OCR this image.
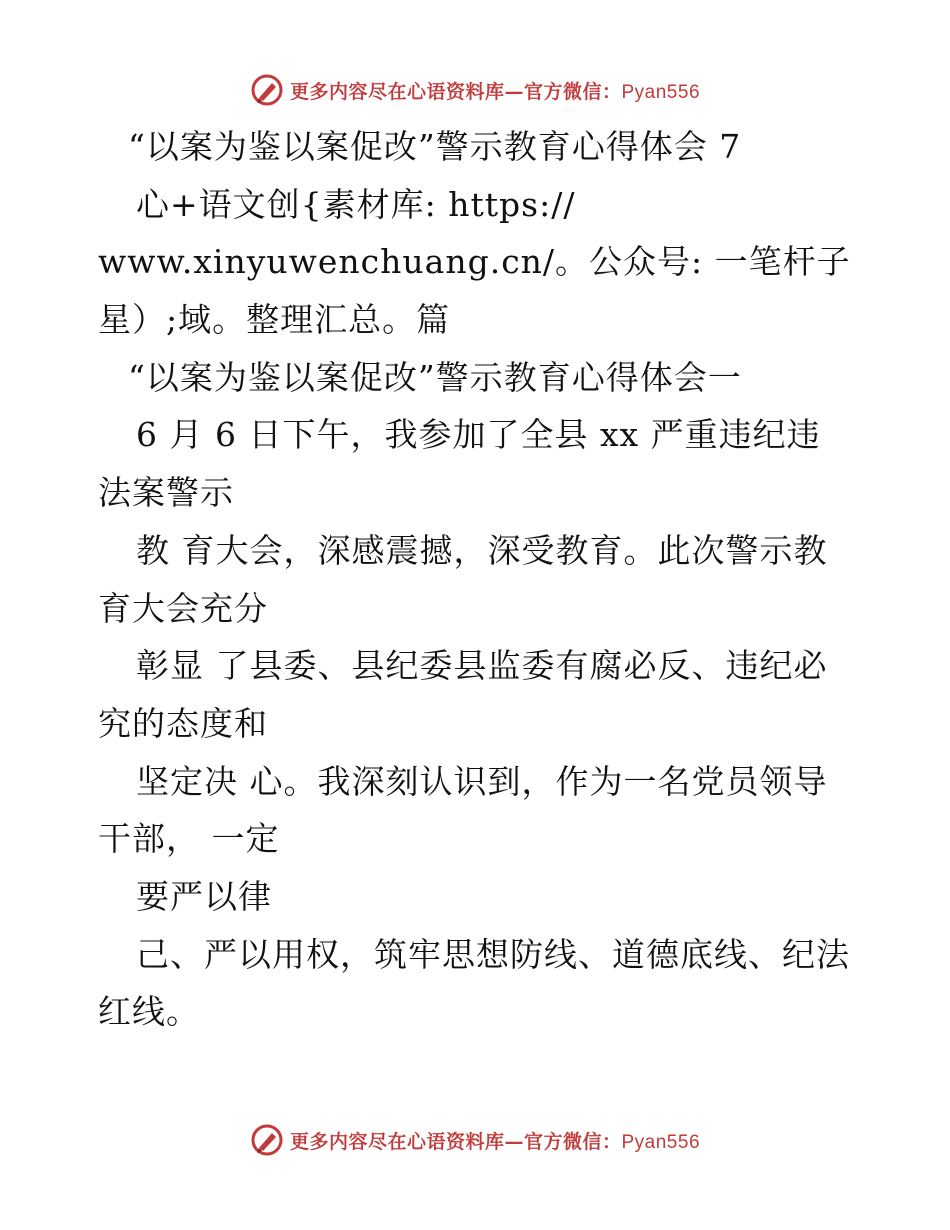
更多内容尽在心语资料库—官方微信：Pyan556
“以案为鉴以案促改”警示教育心得体会 7
心+语文创{素材库: https://
www.xinyuwenchuang.cn/。公众号: 一笔杆子
星）;域。整理汇总。篇
“以案为鉴以案促改”警示教育心得体会一
6 月 6 日下午，我参加了全县 xx 严重违纪违
法案警示
教 育大会，深感震撼，深受教育。此次警示教
育大会充分
彰显 了县委、县纪委县监委有腐必反、违纪必
究的态度和
坚定决 心。我深刻认识到，作为一名党员领导
干部， 一定
要严以律
己、严以用权，筑牢思想防线、道德底线、纪法
红线。
更多内容尽在心语资料库—官方微信：Pyan556
